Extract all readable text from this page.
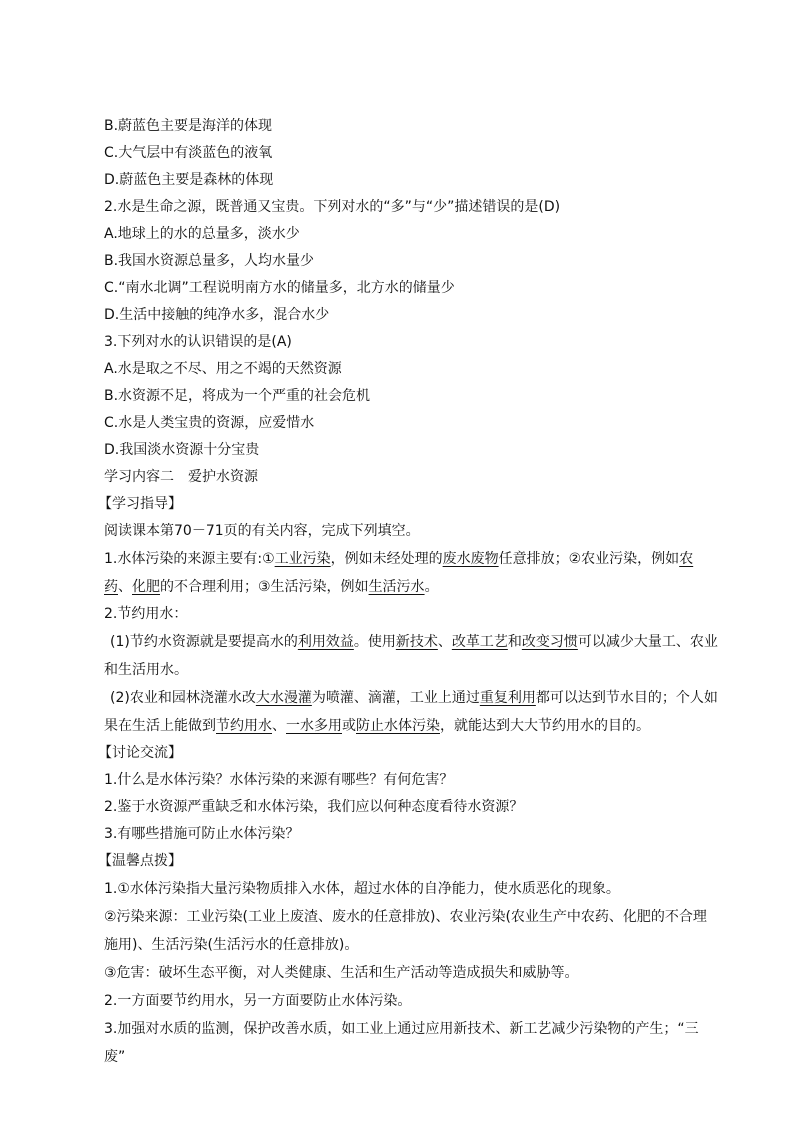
B.蔚蓝色主要是海洋的体现

C.大气层中有淡蓝色的液氧

D.蔚蓝色主要是森林的体现

2.水是生命之源，既普通又宝贵。下列对水的“多”与“少”描述错误的是(D)

A.地球上的水的总量多，淡水少

B.我国水资源总量多，人均水量少

C.“南水北调”工程说明南方水的储量多，北方水的储量少

D.生活中接触的纯净水多，混合水少

3.下列对水的认识错误的是(A)

A.水是取之不尽、用之不竭的天然资源

B.水资源不足，将成为一个严重的社会危机

C.水是人类宝贵的资源，应爱惜水

D.我国淡水资源十分宝贵

学习内容二　爱护水资源

【学习指导】

阅读课本第70－71页的有关内容，完成下列填空。

1.水体污染的来源主要有:①工业污染，例如未经处理的废水废物任意排放；②农业污染，例如农药、化肥的不合理利用；③生活污染，例如生活污水。

2.节约用水：

(1)节约水资源就是要提高水的利用效益。使用新技术、改革工艺和改变习惯可以减少大量工、农业和生活用水。

(2)农业和园林浇灌水改大水漫灌为喷灌、滴灌，工业上通过重复利用都可以达到节水目的；个人如果在生活上能做到节约用水、一水多用或防止水体污染，就能达到大大节约用水的目的。

【讨论交流】

1.什么是水体污染？水体污染的来源有哪些？有何危害？

2.鉴于水资源严重缺乏和水体污染，我们应以何种态度看待水资源？

3.有哪些措施可防止水体污染？

【温馨点拨】

1.①水体污染指大量污染物质排入水体，超过水体的自净能力，使水质恶化的现象。

②污染来源：工业污染(工业上废渣、废水的任意排放)、农业污染(农业生产中农药、化肥的不合理施用)、生活污染(生活污水的任意排放)。

③危害：破坏生态平衡，对人类健康、生活和生产活动等造成损失和威胁等。

2.一方面要节约用水，另一方面要防止水体污染。

3.加强对水质的监测，保护改善水质，如工业上通过应用新技术、新工艺减少污染物的产生；“三废”
